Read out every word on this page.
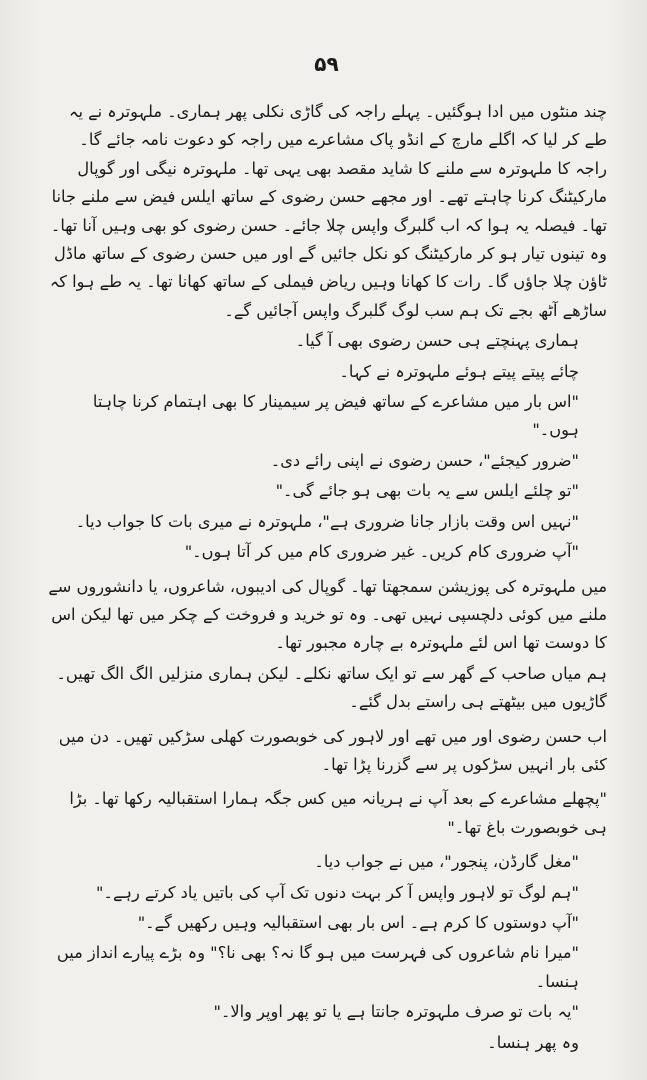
۵۹

چند منٹوں میں ادا ہوگئیں۔ پہلے راجہ کی گاڑی نکلی پھر ہماری۔ ملہوترہ نے یہ طے کر لیا کہ اگلے مارچ کے انڈو پاک مشاعرے میں راجہ کو دعوت نامہ جائے گا۔ راجہ کا ملہوترہ سے ملنے کا شاید مقصد بھی یہی تھا۔ ملہوترہ نیگی اور گوپال مارکیٹنگ کرنا چاہتے تھے۔ اور مجھے حسن رضوی کے ساتھ ایلس فیض سے ملنے جانا تھا۔ فیصلہ یہ ہوا کہ اب گلبرگ واپس چلا جائے۔ حسن رضوی کو بھی وہیں آنا تھا۔ وہ تینوں تیار ہو کر مارکیٹنگ کو نکل جائیں گے اور میں حسن رضوی کے ساتھ ماڈل ٹاؤن چلا جاؤں گا۔ رات کا کھانا وہیں ریاض فیملی کے ساتھ کھانا تھا۔ یہ طے ہوا کہ ساڑھے آٹھ بجے تک ہم سب لوگ گلبرگ واپس آجائیں گے۔

ہماری پہنچتے ہی حسن رضوی بھی آ گیا۔

چائے پیتے پیتے ہوئے ملہوترہ نے کہا۔

"اس بار میں مشاعرے کے ساتھ فیض پر سیمینار کا بھی اہتمام کرنا چاہتا ہوں۔"

"ضرور کیجئے"، حسن رضوی نے اپنی رائے دی۔

"تو چلئے ایلس سے یہ بات بھی ہو جائے گی۔"

"نہیں اس وقت بازار جانا ضروری ہے"، ملہوترہ نے میری بات کا جواب دیا۔

"آپ ضروری کام کریں۔ غیر ضروری کام میں کر آتا ہوں۔"

میں ملہوترہ کی پوزیشن سمجھتا تھا۔ گوپال کی ادیبوں، شاعروں، یا دانشوروں سے ملنے میں کوئی دلچسپی نہیں تھی۔ وہ تو خرید و فروخت کے چکر میں تھا لیکن اس کا دوست تھا اس لئے ملہوترہ بے چارہ مجبور تھا۔

ہم میاں صاحب کے گھر سے تو ایک ساتھ نکلے۔ لیکن ہماری منزلیں الگ الگ تھیں۔ گاڑیوں میں بیٹھتے ہی راستے بدل گئے۔

اب حسن رضوی اور میں تھے اور لاہور کی خوبصورت کھلی سڑکیں تھیں۔ دن میں کئی بار انہیں سڑکوں پر سے گزرنا پڑا تھا۔

"پچھلے مشاعرے کے بعد آپ نے ہریانہ میں کس جگہ ہمارا استقبالیہ رکھا تھا۔ بڑا ہی خوبصورت باغ تھا۔"

"مغل گارڈن، پنجور"، میں نے جواب دیا۔

"ہم لوگ تو لاہور واپس آ کر بہت دنوں تک آپ کی باتیں یاد کرتے رہے۔"

"آپ دوستوں کا کرم ہے۔ اس بار بھی استقبالیہ وہیں رکھیں گے۔"

"میرا نام شاعروں کی فہرست میں ہو گا نہ؟ بھی نا؟" وہ بڑے پیارے انداز میں ہنسا۔

"یہ بات تو صرف ملہوترہ جانتا ہے یا تو پھر اوپر والا۔"

وہ پھر ہنسا۔
